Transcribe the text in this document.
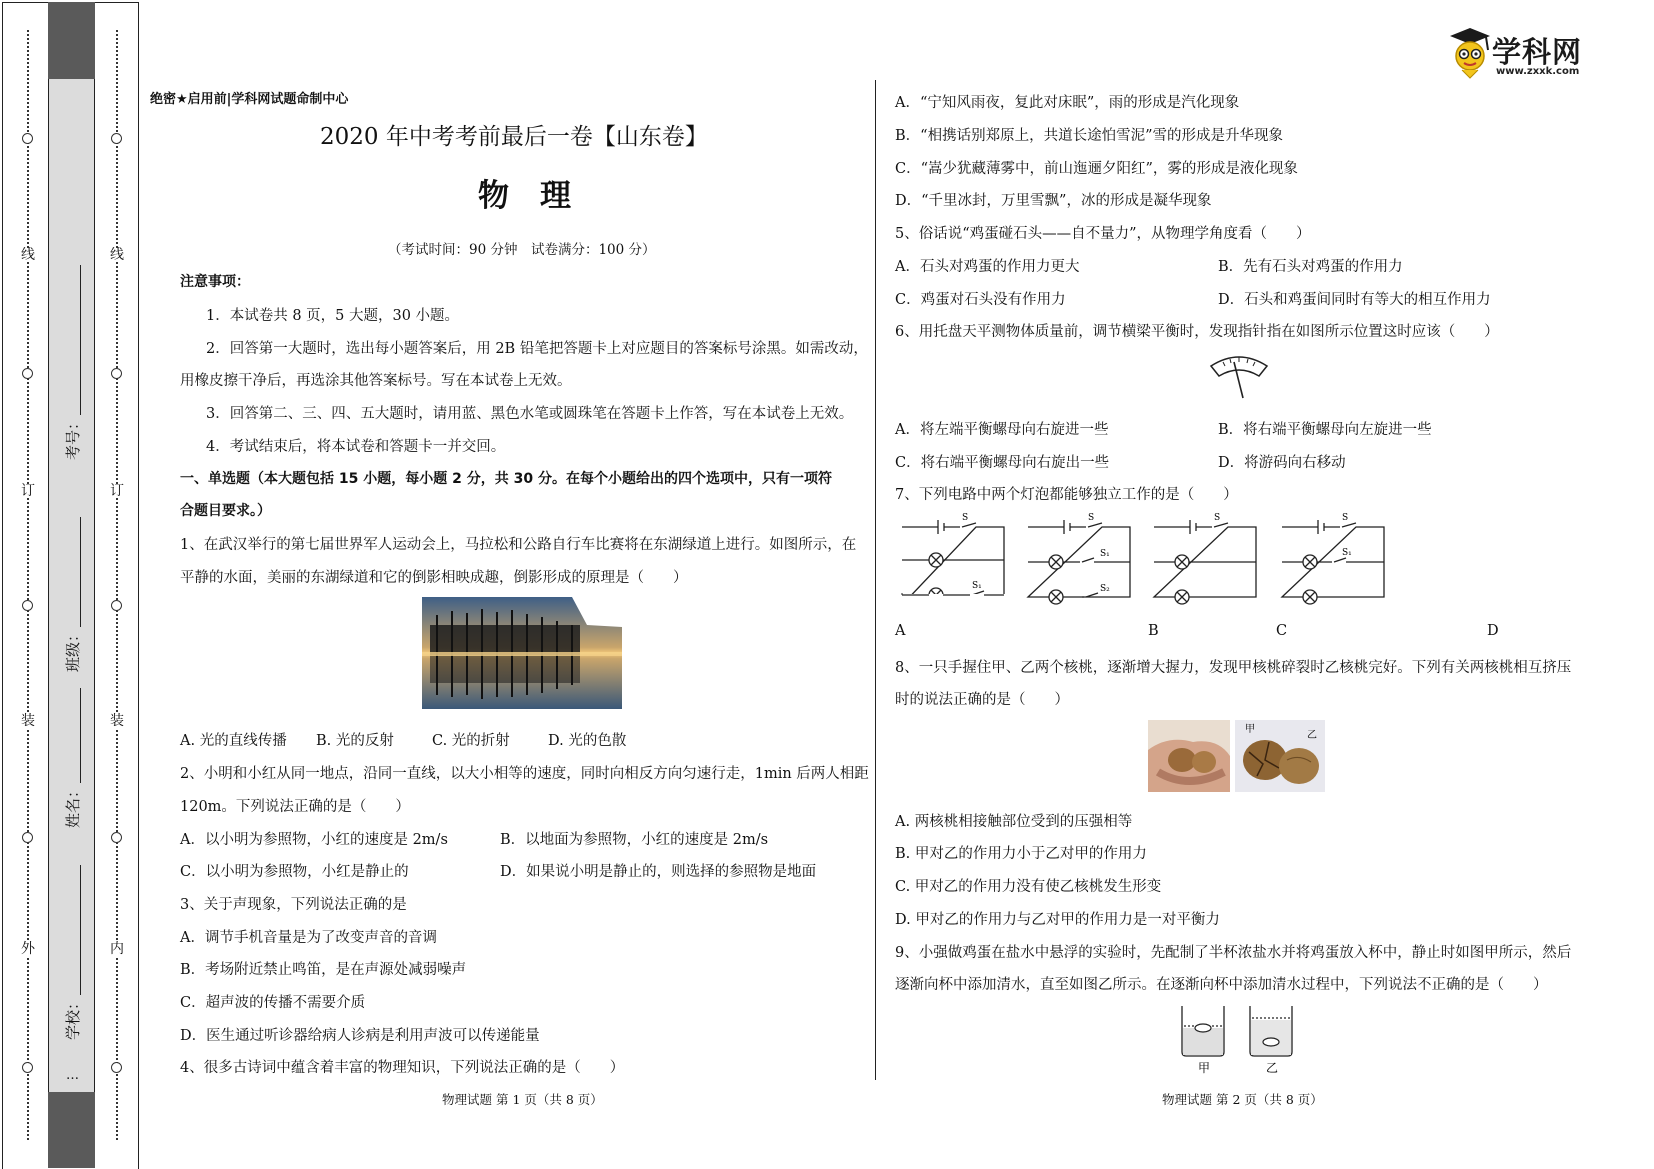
线
订
装
外
线
订
装
内
考号：
班级：
姓名：
学校：
…
学科网
www.zxxk.com
绝密★启用前|学科网试题命制中心
2020 年中考考前最后一卷【山东卷】
物　理
（考试时间：90 分钟　试卷满分：100 分）
注意事项：
1．本试卷共 8 页，5 大题，30 小题。
2．回答第一大题时，选出每小题答案后，用 2B 铅笔把答题卡上对应题目的答案标号涂黑。如需改动，
用橡皮擦干净后，再选涂其他答案标号。写在本试卷上无效。
3．回答第二、三、四、五大题时，请用蓝、黑色水笔或圆珠笔在答题卡上作答，写在本试卷上无效。
4．考试结束后，将本试卷和答题卡一并交回。
一、单选题（本大题包括 15 小题，每小题 2 分，共 30 分。在每个小题给出的四个选项中，只有一项符
合题目要求。）
1、在武汉举行的第七届世界军人运动会上，马拉松和公路自行车比赛将在东湖绿道上进行。如图所示，在
平静的水面，美丽的东湖绿道和它的倒影相映成趣，倒影形成的原理是（　　）
A. 光的直线传播 B. 光的反射	C. 光的折射	D. 光的色散
2、小明和小红从同一地点，沿同一直线，以大小相等的速度，同时向相反方向匀速行走，1min 后两人相距
120m。下列说法正确的是（　　）
A．以小明为参照物，小红的速度是 2m/s	B．以地面为参照物，小红的速度是 2m/s
C．以小明为参照物，小红是静止的	D．如果说小明是静止的，则选择的参照物是地面
3、关于声现象，下列说法正确的是
A．调节手机音量是为了改变声音的音调
B．考场附近禁止鸣笛，是在声源处减弱噪声
C．超声波的传播不需要介质
D．医生通过听诊器给病人诊病是利用声波可以传递能量
4、很多古诗词中蕴含着丰富的物理知识，下列说法正确的是（　　）
物理试题 第 1 页（共 8 页）
A．“宁知风雨夜，复此对床眠”，雨的形成是汽化现象
B．“相携话别郑原上，共道长途怕雪泥”雪的形成是升华现象
C．“嵩少犹藏薄雾中，前山迤逦夕阳红”，雾的形成是液化现象
D．“千里冰封，万里雪飘”，冰的形成是凝华现象
5、俗话说“鸡蛋碰石头——自不量力”，从物理学角度看（　　）
A．石头对鸡蛋的作用力更大	B．先有石头对鸡蛋的作用力
C．鸡蛋对石头没有作用力	D．石头和鸡蛋间同时有等大的相互作用力
6、用托盘天平测物体质量前，调节横梁平衡时，发现指针指在如图所示位置这时应该（　　）
A．将左端平衡螺母向右旋进一些	B．将右端平衡螺母向左旋进一些
C．将右端平衡螺母向右旋出一些	D．将游码向右移动
7、下列电路中两个灯泡都能够独立工作的是（　　）
S
S₁
S
S₁
S₂
S	S
S₁
A	B	C	D
8、一只手握住甲、乙两个核桃，逐渐增大握力，发现甲核桃碎裂时乙核桃完好。下列有关两核桃相互挤压
时的说法正确的是（　　）
甲
乙
A. 两核桃相接触部位受到的压强相等
B. 甲对乙的作用力小于乙对甲的作用力
C. 甲对乙的作用力没有使乙核桃发生形变
D. 甲对乙的作用力与乙对甲的作用力是一对平衡力
9、小强做鸡蛋在盐水中悬浮的实验时，先配制了半杯浓盐水并将鸡蛋放入杯中，静止时如图甲所示，然后
逐渐向杯中添加清水，直至如图乙所示。在逐渐向杯中添加清水过程中，下列说法不正确的是（　　）
甲	乙
物理试题 第 2 页（共 8 页）
